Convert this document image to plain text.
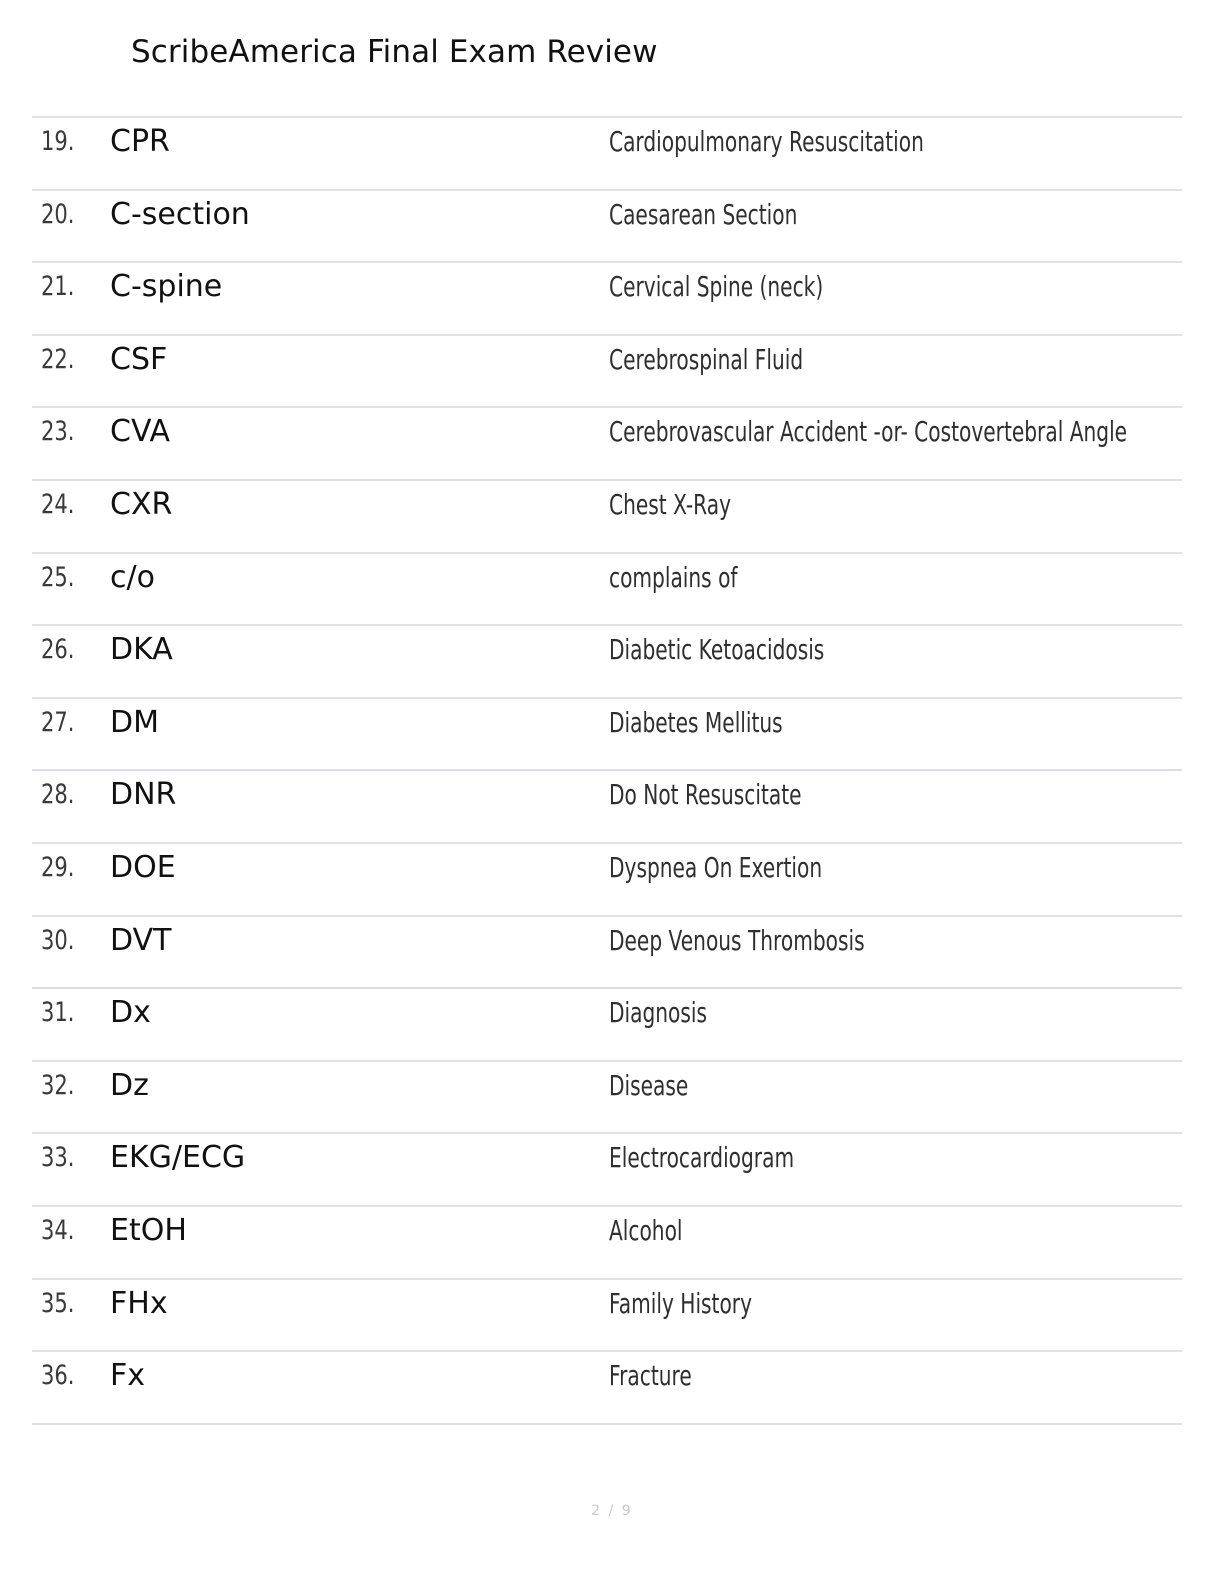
ScribeAmerica Final Exam Review
19. CPR	Cardiopulmonary Resuscitation
20. C-section	Caesarean Section
21. C-spine	Cervical Spine (neck)
22. CSF	Cerebrospinal Fluid
23. CVA	Cerebrovascular Accident -or- Costovertebral Angle
24. CXR	Chest X-Ray
25. c/o	complains of
26. DKA	Diabetic Ketoacidosis
27. DM	Diabetes Mellitus
28. DNR	Do Not Resuscitate
29. DOE	Dyspnea On Exertion
30. DVT	Deep Venous Thrombosis
31. Dx	Diagnosis
32. Dz	Disease
33. EKG/ECG	Electrocardiogram
34. EtOH	Alcohol
35. FHx	Family History
36. Fx	Fracture
2 / 9
